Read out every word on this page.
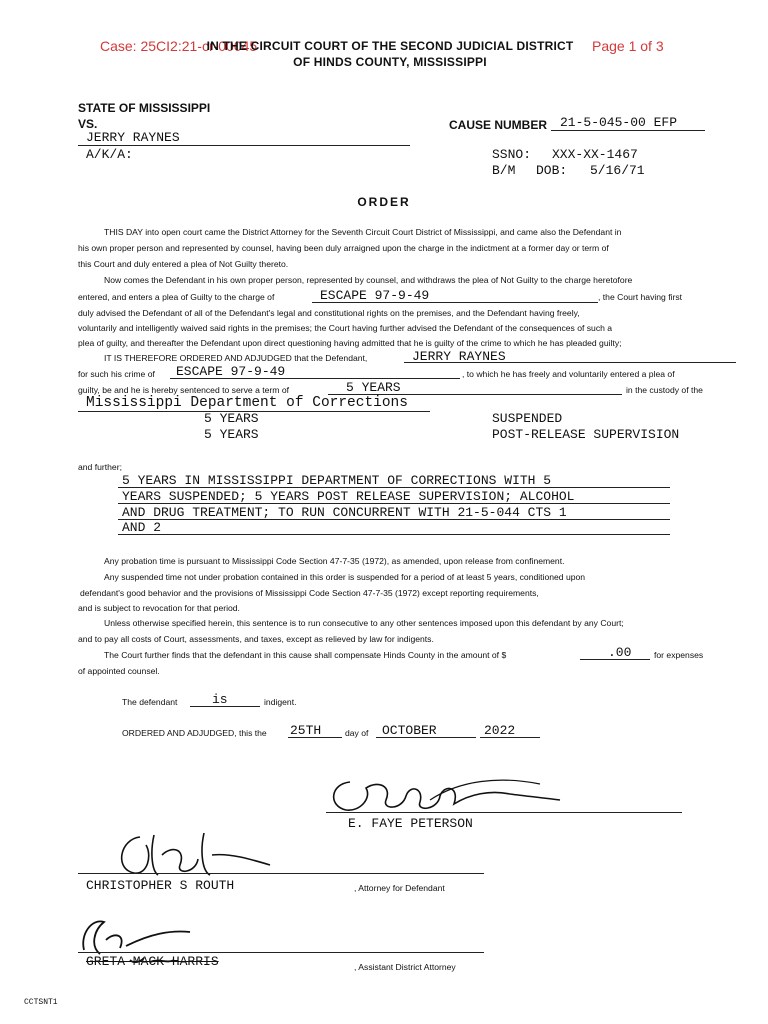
Case: 25CI2:21-cr-00045	Page 1 of 3
IN THE CIRCUIT COURT OF THE SECOND JUDICIAL DISTRICT
OF HINDS COUNTY, MISSISSIPPI
STATE OF MISSISSIPPI
VS.
JERRY RAYNES
A/K/A:
CAUSE NUMBER 21-5-045-00 EFP
SSNO: XXX-XX-1467
B/M DOB: 5/16/71
ORDER
THIS DAY into open court came the District Attorney for the Seventh Circuit Court District of Mississippi, and came also the Defendant in
his own proper person and represented by counsel, having been duly arraigned upon the charge in the indictment at a former day or term of
this Court and duly entered a plea of Not Guilty thereto.
Now comes the Defendant in his own proper person, represented by counsel, and withdraws the plea of Not Guilty to the charge heretofore
entered, and enters a plea of Guilty to the charge of	ESCAPE 97-9-49	, the Court having first
duly advised the Defendant of all of the Defendant's legal and constitutional rights on the premises, and the Defendant having freely,
voluntarily and intelligently waived said rights in the premises; the Court having further advised the Defendant of the consequences of such a
plea of guilty, and thereafter the Defendant upon direct questioning having admitted that he is guilty of the crime to which he has pleaded guilty;
IT IS THEREFORE ORDERED AND ADJUDGED that the Defendant,	JERRY RAYNES
for such his crime of ESCAPE 97-9-49	, to which he has freely and voluntarily entered a plea of
guilty, be and he is hereby sentenced to serve a term of	5 YEARS	in the custody of the
Mississippi Department of Corrections
5 YEARS	SUSPENDED
5 YEARS	POST-RELEASE SUPERVISION
and further;
5 YEARS IN MISSISSIPPI DEPARTMENT OF CORRECTIONS WITH 5
YEARS SUSPENDED; 5 YEARS POST RELEASE SUPERVISION; ALCOHOL
AND DRUG TREATMENT; TO RUN CONCURRENT WITH 21-5-044 CTS 1
AND 2
Any probation time is pursuant to Mississippi Code Section 47-7-35 (1972), as amended, upon release from confinement.
Any suspended time not under probation contained in this order is suspended for a period of at least 5 years, conditioned upon
defendant's good behavior and the provisions of Mississippi Code Section 47-7-35 (1972) except reporting requirements,
and is subject to revocation for that period.
Unless otherwise specified herein, this sentence is to run consecutive to any other sentences imposed upon this defendant by any Court;
and to pay all costs of Court, assessments, and taxes, except as relieved by law for indigents.
The Court further finds that the defendant in this cause shall compensate Hinds County in the amount of $	.00	for expenses
of appointed counsel.
The defendant	is	indigent.
ORDERED AND ADJUDGED, this the 25TH	day of OCTOBER	2022
E. FAYE PETERSON
CHRISTOPHER S ROUTH	, Attorney for Defendant
GRETA MACK HARRIS	, Assistant District Attorney
CCTSNT1
